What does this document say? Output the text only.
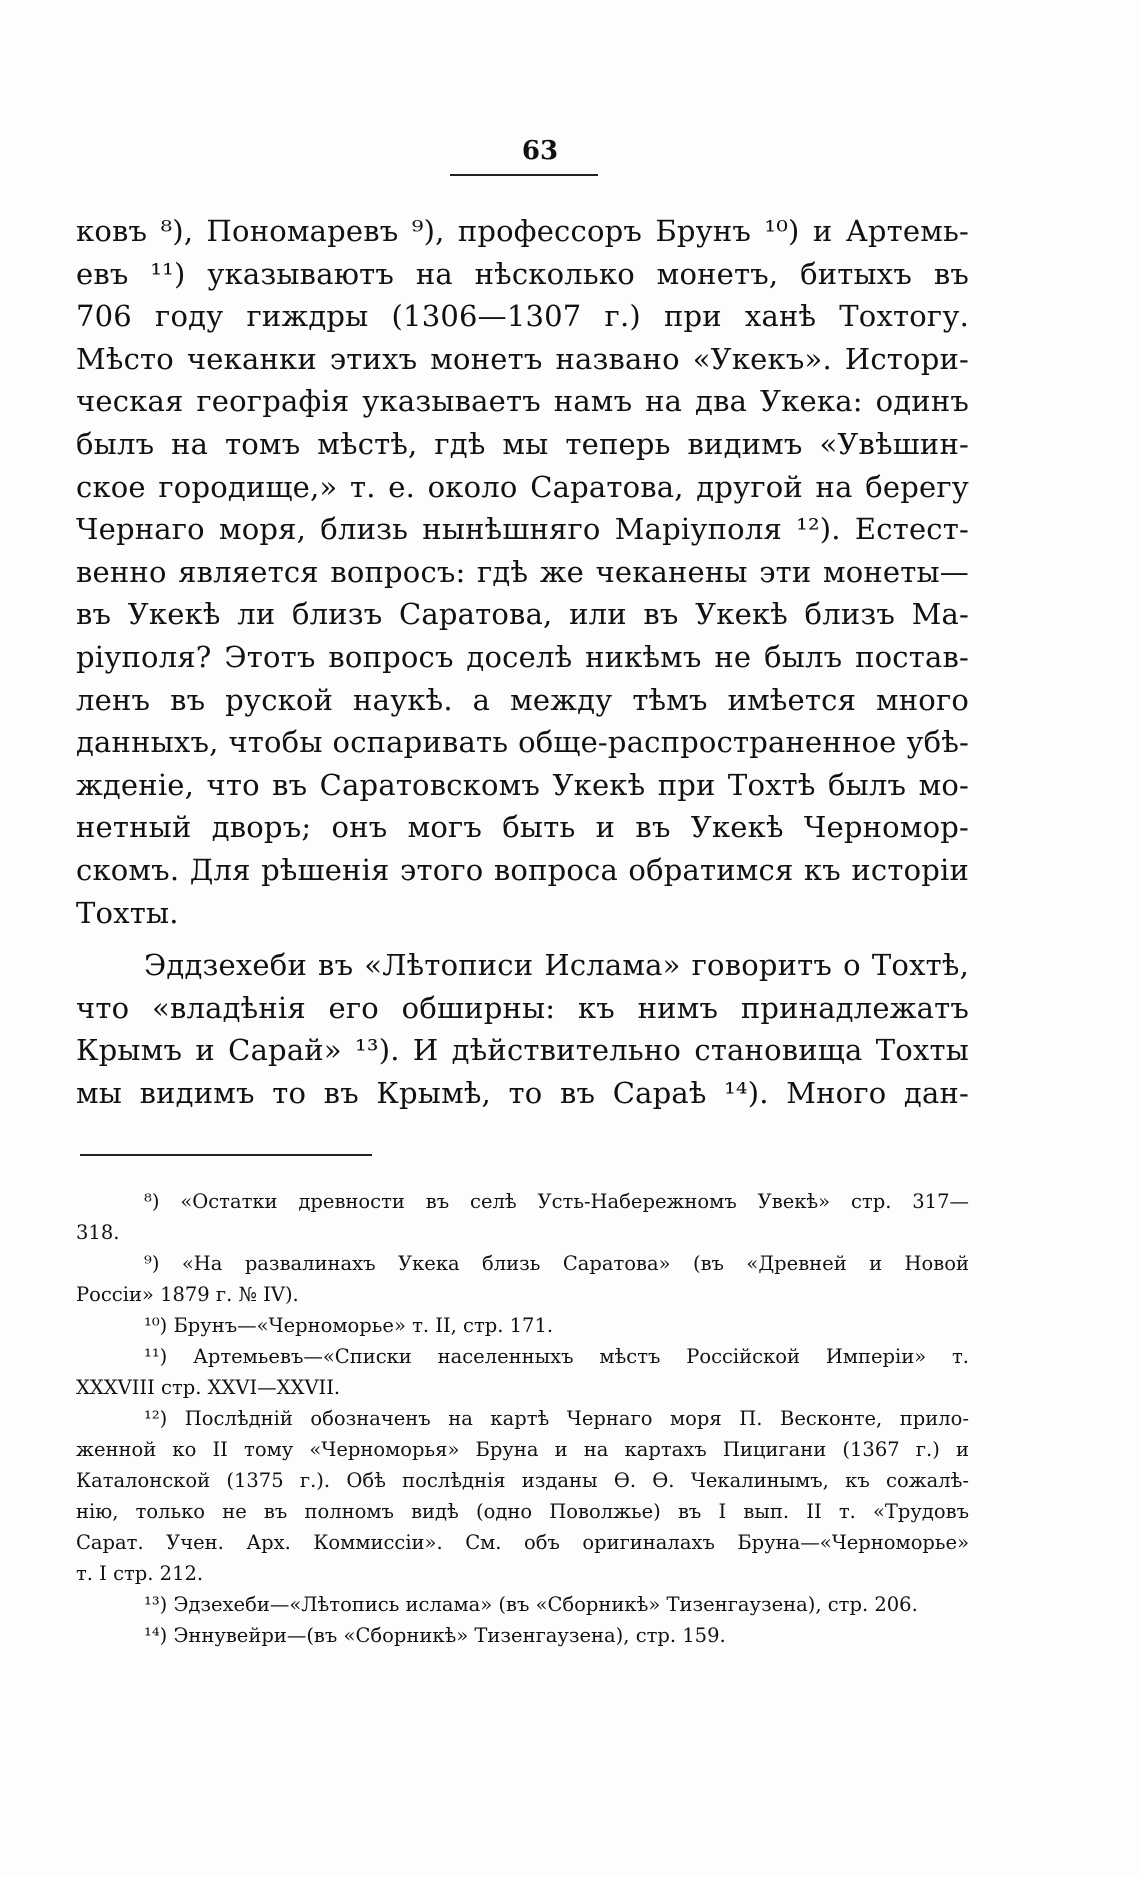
63
ковъ ⁸), Пономаревъ ⁹), профессоръ Брунъ ¹⁰) и Артемь-
евъ ¹¹) указываютъ на нѣсколько монетъ, битыхъ въ
706 году гиждры (1306—1307 г.) при ханѣ Тохтогу.
Мѣсто чеканки этихъ монетъ названо «Укекъ». Истори-
ческая географія указываетъ намъ на два Укека: одинъ
былъ на томъ мѣстѣ, гдѣ мы теперь видимъ «Увѣшин-
ское городище,» т. е. около Саратова, другой на берегу
Чернаго моря, близь нынѣшняго Маріуполя ¹²). Естест-
венно является вопросъ: гдѣ же чеканены эти монеты—
въ Укекѣ ли близъ Саратова, или въ Укекѣ близъ Ма-
ріуполя? Этотъ вопросъ доселѣ никѣмъ не былъ постав-
ленъ въ руской наукѣ. а между тѣмъ имѣется много
данныхъ, чтобы оспаривать обще-распространенное убѣ-
жденіе, что въ Саратовскомъ Укекѣ при Тохтѣ былъ мо-
нетный дворъ; онъ могъ быть и въ Укекѣ Черномор-
скомъ. Для рѣшенія этого вопроса обратимся къ исторіи
Тохты.
Эддзехеби въ «Лѣтописи Ислама» говоритъ о Тохтѣ,
что «владѣнія его обширны: къ нимъ принадлежатъ
Крымъ и Сарай» ¹³). И дѣйствительно становища Тохты
мы видимъ то въ Крымѣ, то въ Сараѣ ¹⁴). Много дан-
⁸) «Остатки древности въ селѣ Усть-Набережномъ Увекѣ» стр. 317—
318.
⁹) «На развалинахъ Укека близь Саратова» (въ «Древней и Новой
Россіи» 1879 г. № IV).
¹⁰) Брунъ—«Черноморье» т. II, стр. 171.
¹¹) Артемьевъ—«Списки населенныхъ мѣстъ Россійской Имперіи» т.
XXXVIII стр. XXVI—XXVII.
¹²) Послѣдній обозначенъ на картѣ Чернаго моря П. Весконте, прило-
женной ко II тому «Черноморья» Бруна и на картахъ Пицигани (1367 г.) и
Каталонской (1375 г.). Обѣ послѣднія изданы Ѳ. Ѳ. Чекалинымъ, къ сожалѣ-
нію, только не въ полномъ видѣ (одно Поволжье) въ I вып. II т. «Трудовъ
Сарат. Учен. Арх. Коммиссіи». См. объ оригиналахъ Бруна—«Черноморье»
т. I стр. 212.
¹³) Эдзехеби—«Лѣтопись ислама» (въ «Сборникѣ» Тизенгаузена), стр. 206.
¹⁴) Эннувейри—(въ «Сборникѣ» Тизенгаузена), стр. 159.
